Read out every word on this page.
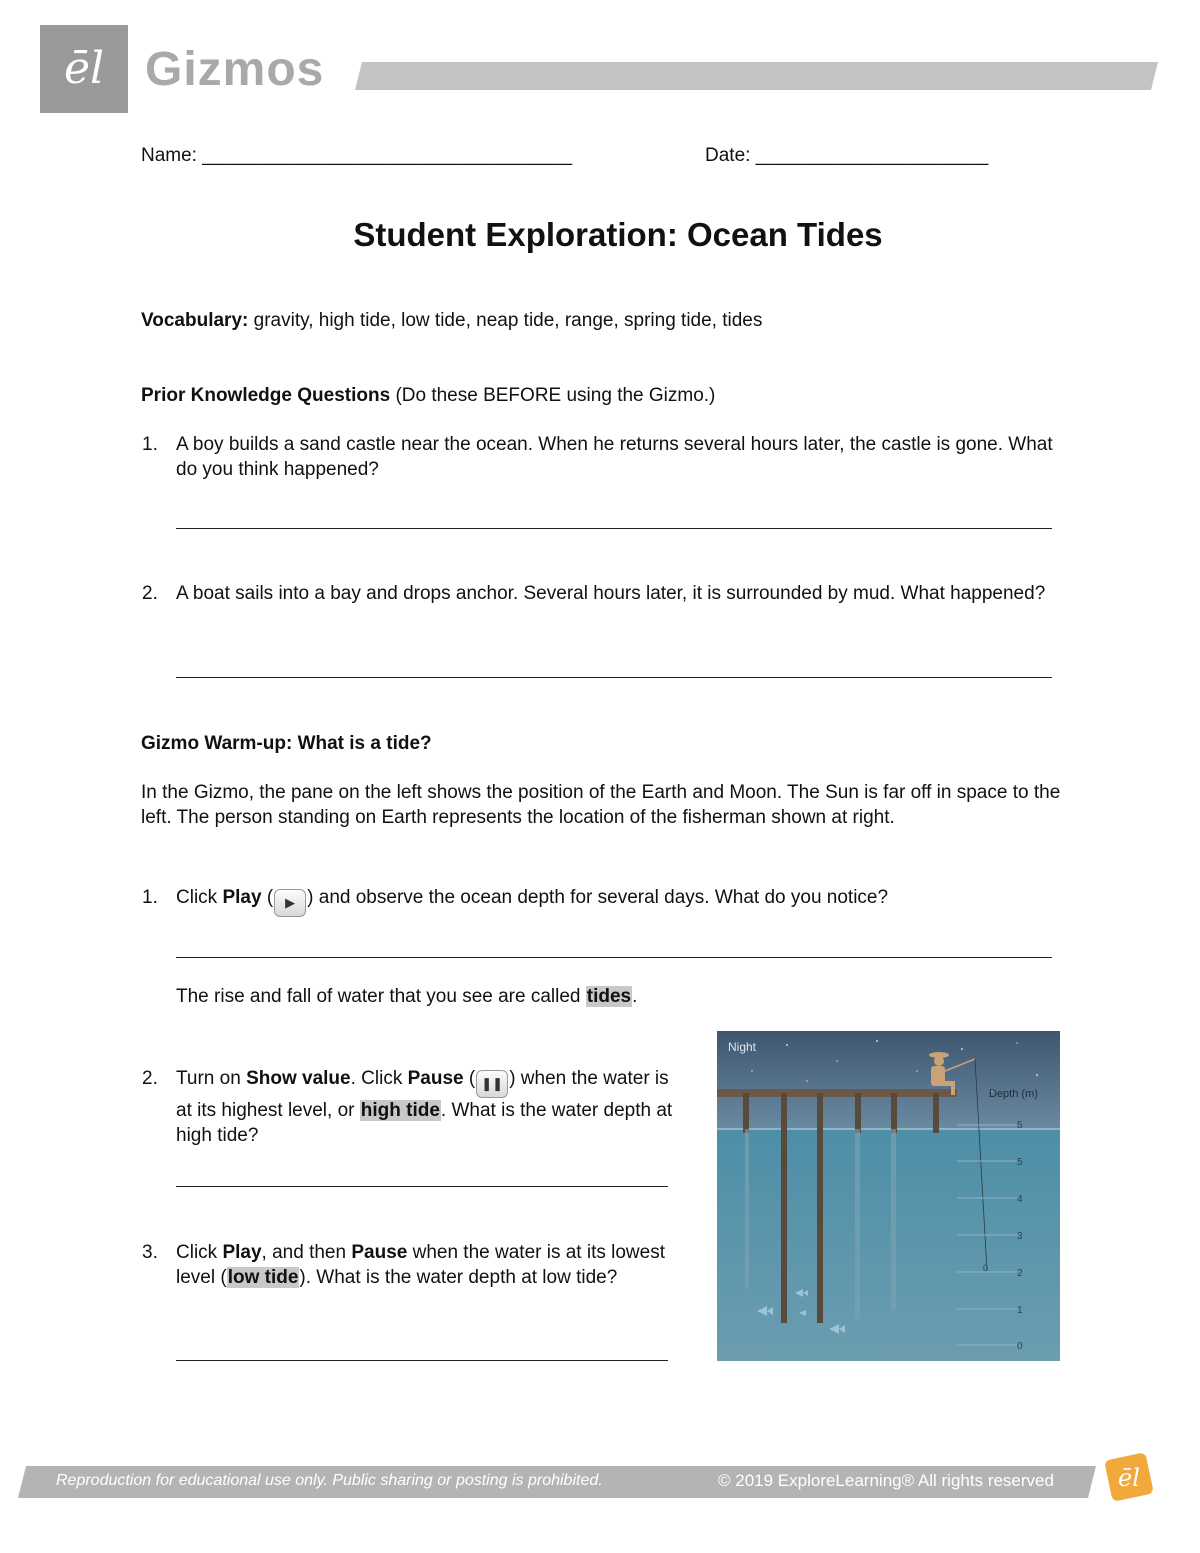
ēl Gizmos
Name: ___________________________________	Date: ______________________
Student Exploration: Ocean Tides
Vocabulary: gravity, high tide, low tide, neap tide, range, spring tide, tides
Prior Knowledge Questions (Do these BEFORE using the Gizmo.)
1. A boy builds a sand castle near the ocean. When he returns several hours later, the castle is gone. What do you think happened?
2. A boat sails into a bay and drops anchor. Several hours later, it is surrounded by mud. What happened?
Gizmo Warm-up: What is a tide?
In the Gizmo, the pane on the left shows the position of the Earth and Moon. The Sun is far off in space to the left. The person standing on Earth represents the location of the fisherman shown at right.
1. Click Play ( ▶ ) and observe the ocean depth for several days. What do you notice?
The rise and fall of water that you see are called tides.
2. Turn on Show value. Click Pause ( ❚❚ ) when the water is at its highest level, or high tide. What is the water depth at high tide?
3. Click Play, and then Pause when the water is at its lowest level (low tide). What is the water depth at low tide?
Night
Depth (m)
5
5
4
3
2
1
0
0
Reproduction for educational use only. Public sharing or posting is prohibited.	© 2019 ExploreLearning® All rights reserved	ēl
